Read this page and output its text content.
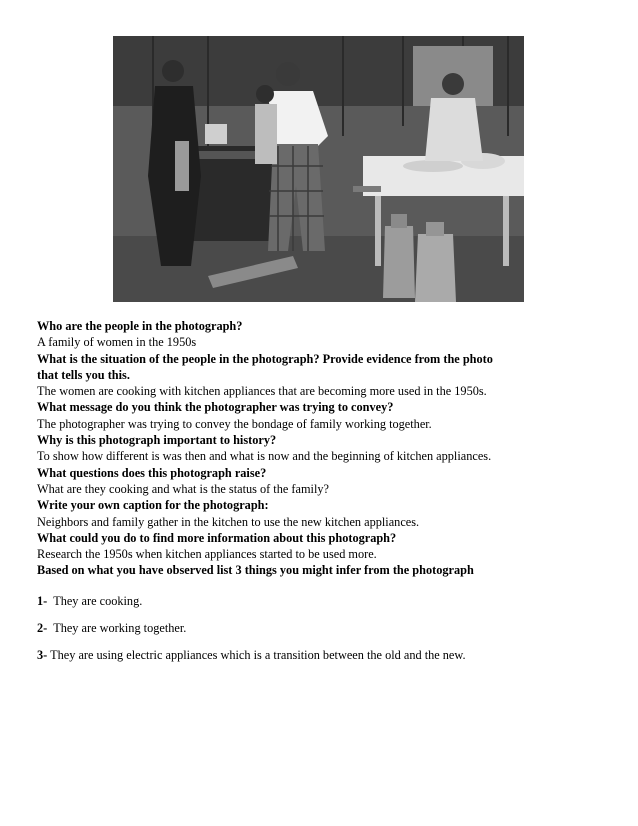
Who are the people in the photograph?

A family of women in the 1950s

What is the situation of the people in the photograph? Provide evidence from the photo that tells you this.

The women are cooking with kitchen appliances that are becoming more used in the 1950s.

What message do you think the photographer was trying to convey?

The photographer was trying to convey the bondage of family working together.

Why is this photograph important to history?

To show how different is was then and what is now and the beginning of kitchen appliances.

What questions does this photograph raise?

What are they cooking and what is the status of the family?

Write your own caption for the photograph:

Neighbors and family gather in the kitchen to use the new kitchen appliances.

What could you do to find more information about this photograph?

Research the 1950s when kitchen appliances started to be used more.

Based on what you have observed list 3 things you might infer from the photograph

1- They are cooking.

2- They are working together.

3- They are using electric appliances which is a transition between the old and the new.
